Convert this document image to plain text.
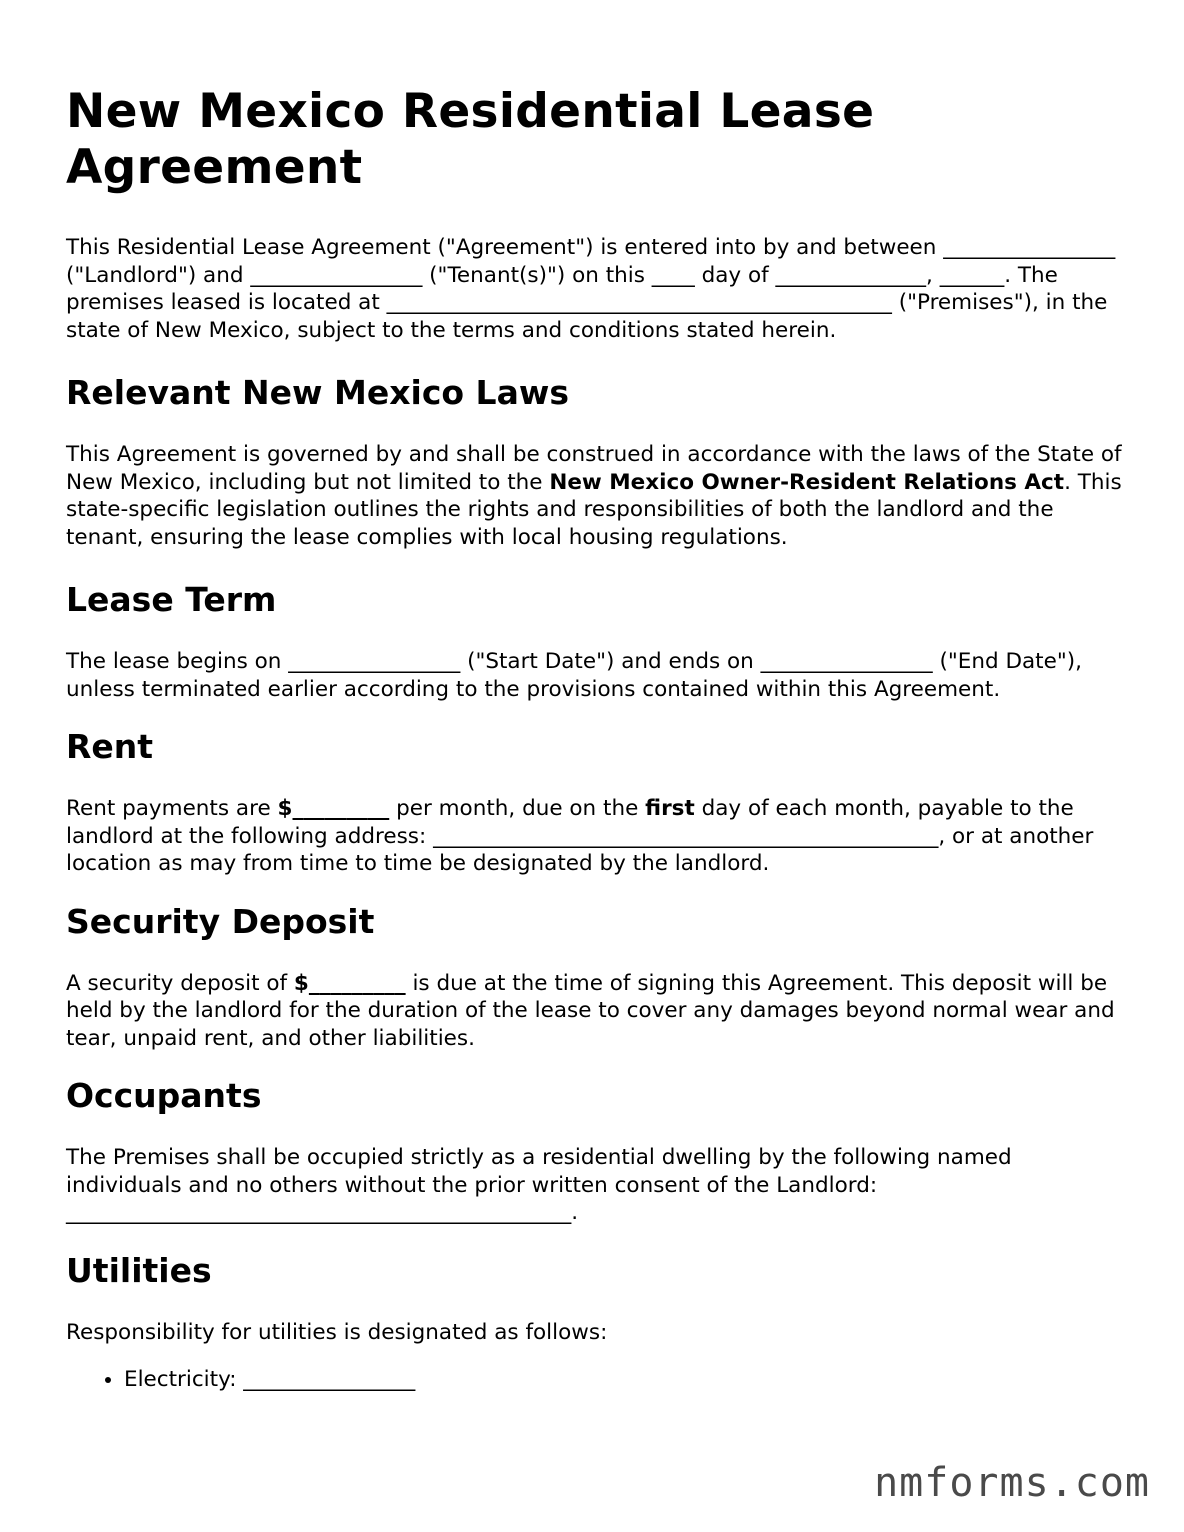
New Mexico Residential Lease Agreement

This Residential Lease Agreement ("Agreement") is entered into by and between ________________ ("Landlord") and ________________ ("Tenant(s)") on this ____ day of ______________, ______. The premises leased is located at _______________________________________________ ("Premises"), in the state of New Mexico, subject to the terms and conditions stated herein.

Relevant New Mexico Laws

This Agreement is governed by and shall be construed in accordance with the laws of the State of New Mexico, including but not limited to the New Mexico Owner-Resident Relations Act. This state-specific legislation outlines the rights and responsibilities of both the landlord and the tenant, ensuring the lease complies with local housing regulations.

Lease Term

The lease begins on ________________ ("Start Date") and ends on ________________ ("End Date"), unless terminated earlier according to the provisions contained within this Agreement.

Rent

Rent payments are $_________ per month, due on the first day of each month, payable to the landlord at the following address: _______________________________________________, or at another location as may from time to time be designated by the landlord.

Security Deposit

A security deposit of $_________ is due at the time of signing this Agreement. This deposit will be held by the landlord for the duration of the lease to cover any damages beyond normal wear and tear, unpaid rent, and other liabilities.

Occupants

The Premises shall be occupied strictly as a residential dwelling by the following named individuals and no others without the prior written consent of the Landlord: _______________________________________________.

Utilities

Responsibility for utilities is designated as follows:

• Electricity: ________________
nmforms.com
